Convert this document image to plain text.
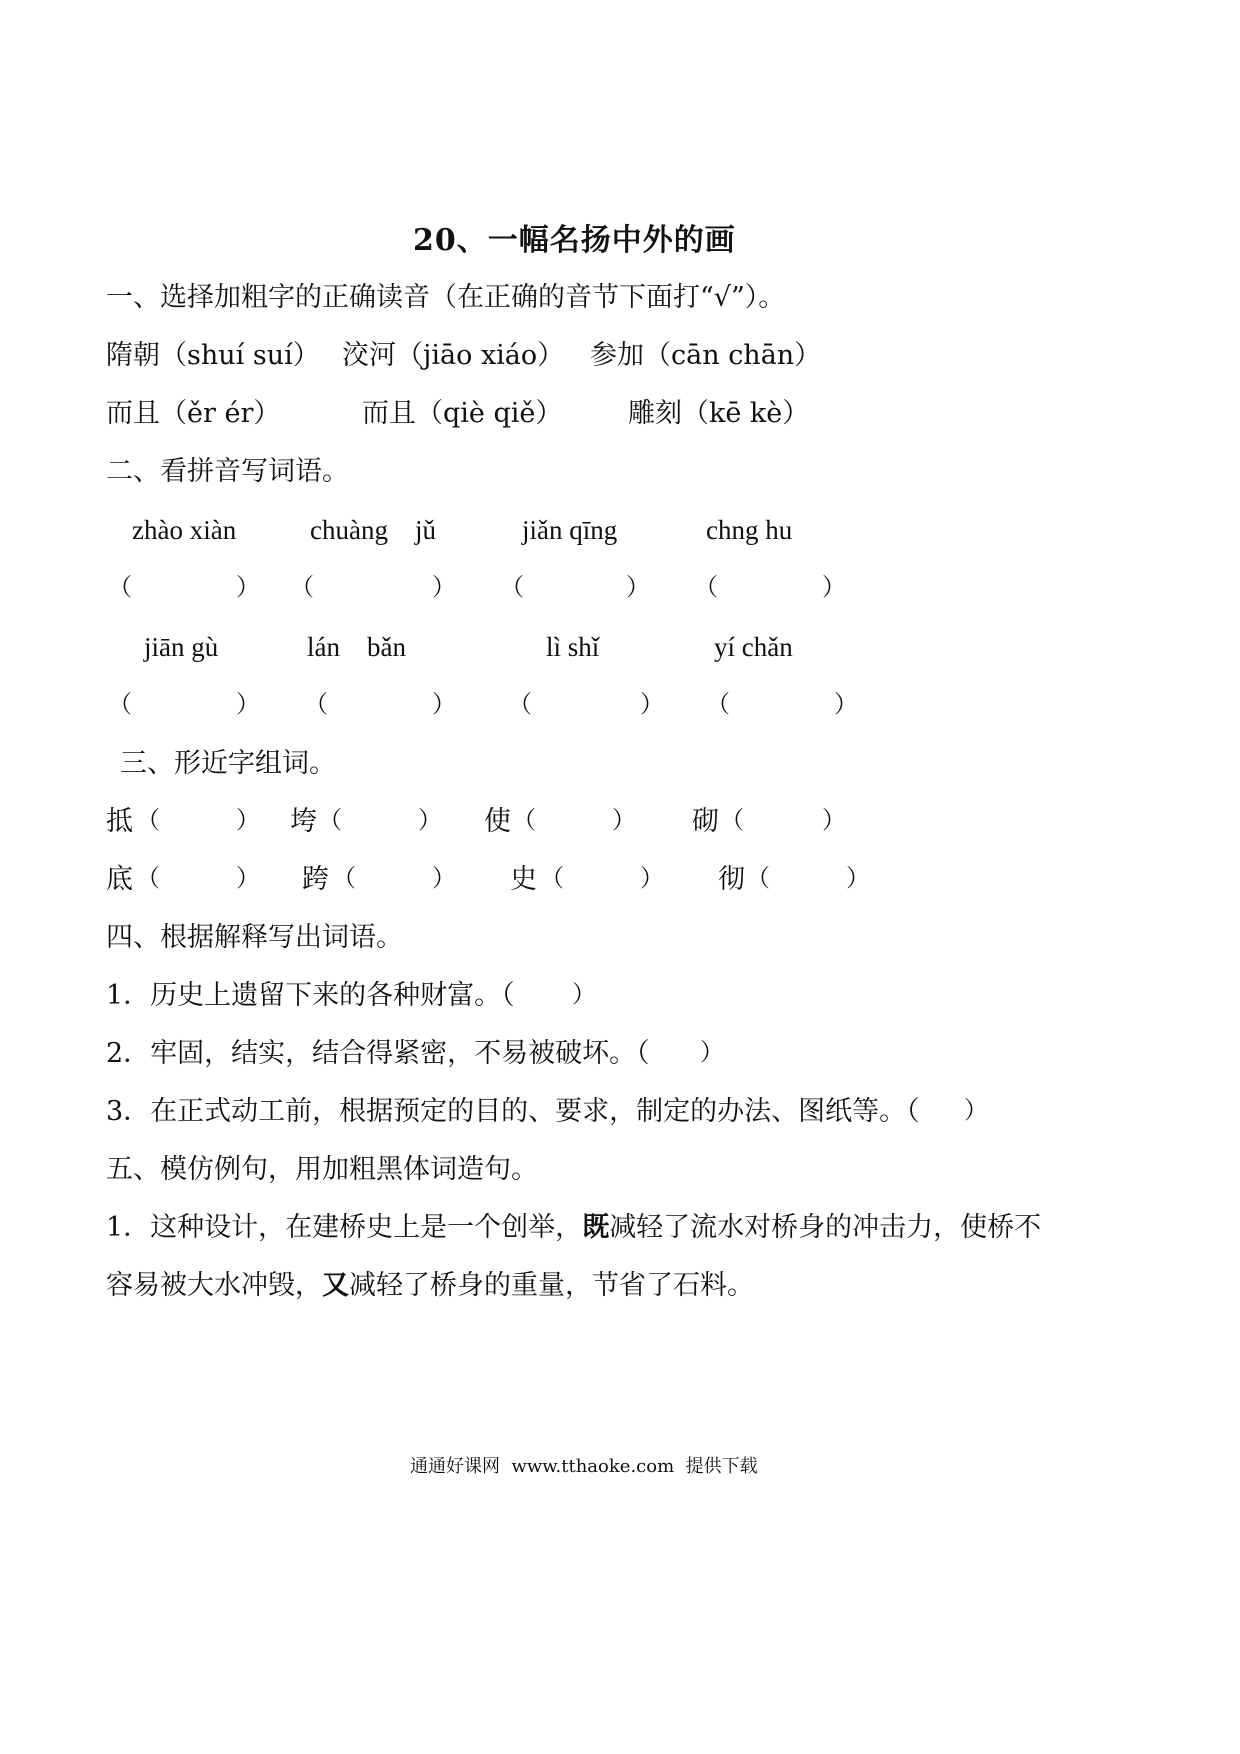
20、一幅名扬中外的画
一、选择加粗字的正确读音（在正确的音节下面打“√”）。
隋朝（shuí suí） 洨河（jiāo xiáo） 参加（cān chān）
而且（ěr ér）	而且（qiè qiě） 雕刻（kē kè）
二、看拼音写词语。
zhào xiàn	chuàng    jǔ	jiǎn qīng	chng hu
（	） （	） （	） （	）
jiān gù	lán    bǎn	lì shǐ	yí chǎn
（	） （	） （	） （	）
三、形近字组词。
抵 （	） 垮 （	） 使 （	） 砌 （	）
底 （	） 跨 （	） 史 （	） 彻 （	）
四、根据解释写出词语。
1．历史上遗留下来的各种财富。（ ）
2．牢固，结实，结合得紧密，不易被破坏。（ ）
3．在正式动工前，根据预定的目的、要求，制定的办法、图纸等。（ ）
五、模仿例句，用加粗黑体词造句。
1．这种设计，在建桥史上是一个创举，既减轻了流水对桥身的冲击力，使桥不
容易被大水冲毁，又减轻了桥身的重量，节省了石料。
通通好课网  www.tthaoke.com  提供下载
